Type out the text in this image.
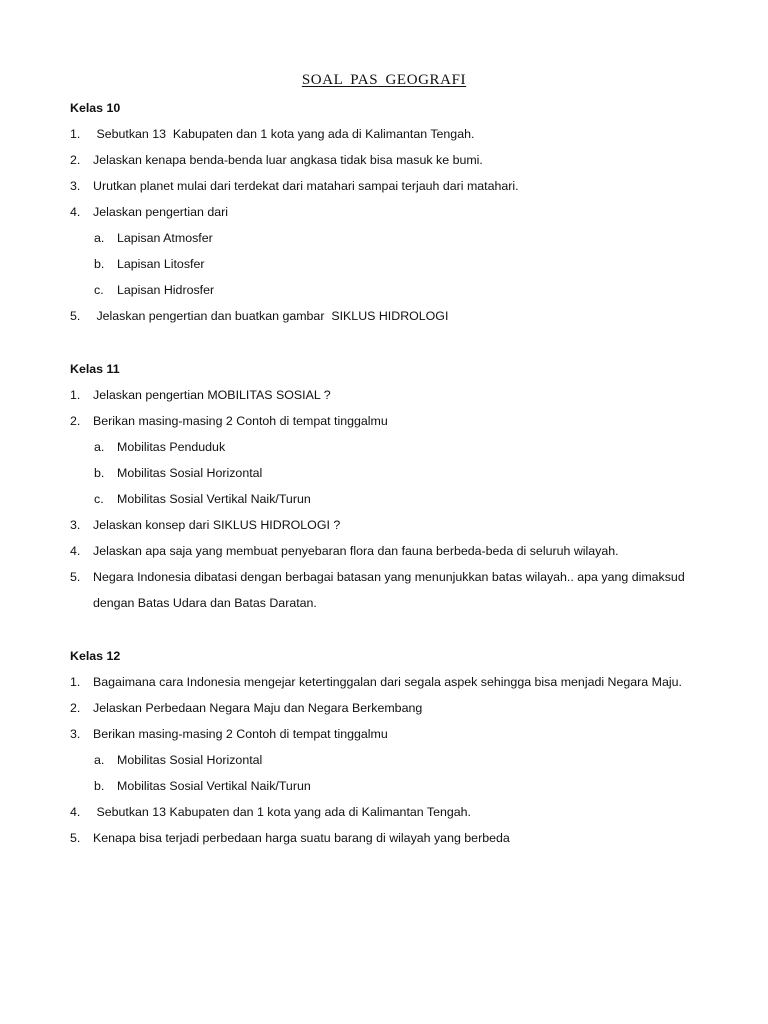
SOAL PAS GEOGRAFI
Kelas 10
1. Sebutkan 13  Kabupaten dan 1 kota yang ada di Kalimantan Tengah.
2. Jelaskan kenapa benda-benda luar angkasa tidak bisa masuk ke bumi.
3. Urutkan planet mulai dari terdekat dari matahari sampai terjauh dari matahari.
4. Jelaskan pengertian dari
a. Lapisan Atmosfer
b. Lapisan Litosfer
c. Lapisan Hidrosfer
5. Jelaskan pengertian dan buatkan gambar  SIKLUS HIDROLOGI
Kelas 11
1. Jelaskan pengertian MOBILITAS SOSIAL ?
2. Berikan masing-masing 2 Contoh di tempat tinggalmu
a. Mobilitas Penduduk
b. Mobilitas Sosial Horizontal
c. Mobilitas Sosial Vertikal Naik/Turun
3. Jelaskan konsep dari SIKLUS HIDROLOGI ?
4. Jelaskan apa saja yang membuat penyebaran flora dan fauna berbeda-beda di seluruh wilayah.
5. Negara Indonesia dibatasi dengan berbagai batasan yang menunjukkan batas wilayah.. apa yang dimaksud
dengan Batas Udara dan Batas Daratan.
Kelas 12
1. Bagaimana cara Indonesia mengejar ketertinggalan dari segala aspek sehingga bisa menjadi Negara Maju.
2. Jelaskan Perbedaan Negara Maju dan Negara Berkembang
3. Berikan masing-masing 2 Contoh di tempat tinggalmu
a. Mobilitas Sosial Horizontal
b. Mobilitas Sosial Vertikal Naik/Turun
4. Sebutkan 13 Kabupaten dan 1 kota yang ada di Kalimantan Tengah.
5. Kenapa bisa terjadi perbedaan harga suatu barang di wilayah yang berbeda
